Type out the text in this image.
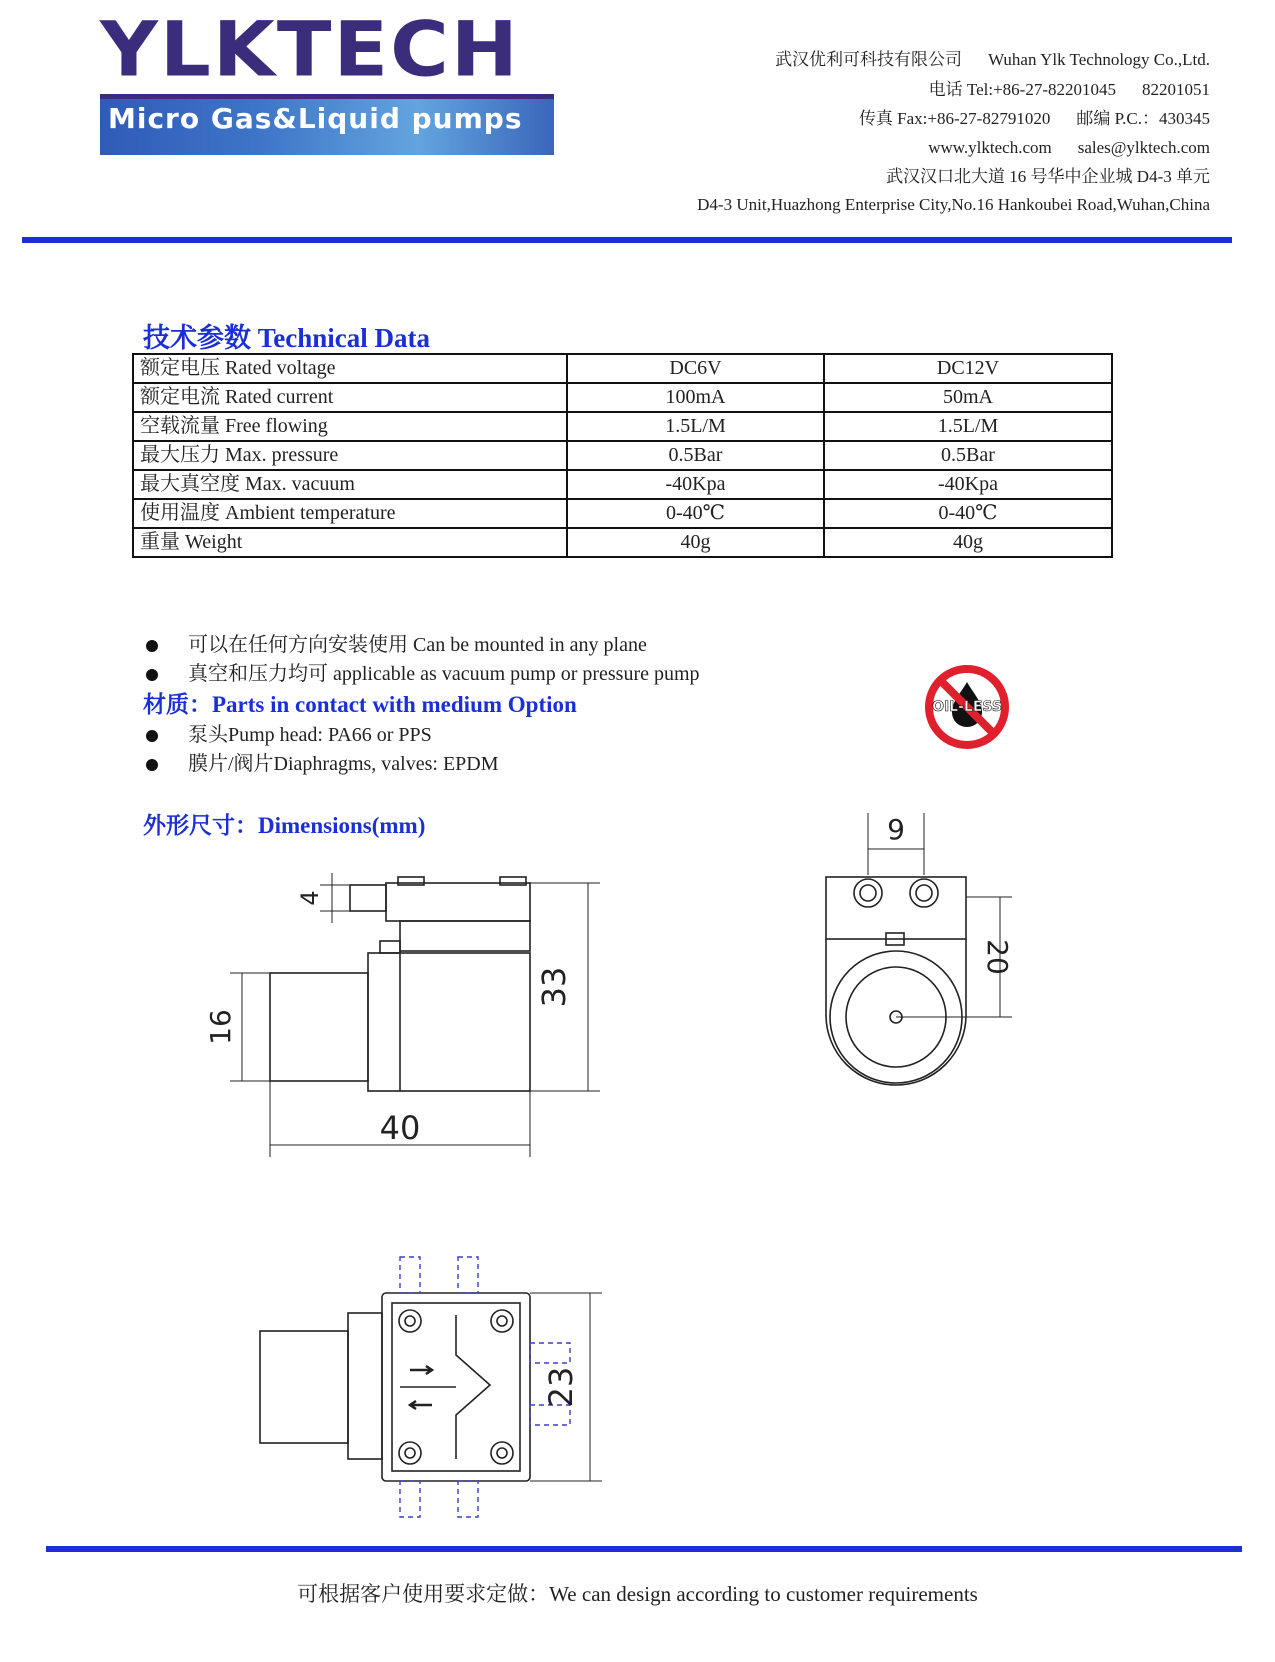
YLKTECH
Micro Gas&Liquid pumps
武汉优利可科技有限公司 Wuhan Ylk Technology Co.,Ltd.
电话 Tel:+86-27-82201045 82201051
传真 Fax:+86-27-82791020 邮编 P.C.：430345
www.ylktech.com sales@ylktech.com
武汉汉口北大道 16 号华中企业城 D4-3 单元
D4-3 Unit,Huazhong Enterprise City,No.16 Hankoubei Road,Wuhan,China
技术参数 Technical Data
额定电压 Rated voltage	DC6V	DC12V
额定电流 Rated current	100mA	50mA
空载流量 Free flowing	1.5L/M	1.5L/M
最大压力 Max. pressure	0.5Bar	0.5Bar
最大真空度 Max. vacuum	-40Kpa	-40Kpa
使用温度 Ambient temperature	0-40℃	0-40℃
重量 Weight	40g	40g
可以在任何方向安装使用 Can be mounted in any plane
真空和压力均可 applicable as vacuum pump or pressure pump
材质：Parts in contact with medium Option
泵头Pump head: PA66 or PPS
膜片/阀片Diaphragms, valves: EPDM
OIL-LESS
外形尺寸：Dimensions(mm)
33
16
4
40
9
20
23
可根据客户使用要求定做：We can design according to customer requirements
